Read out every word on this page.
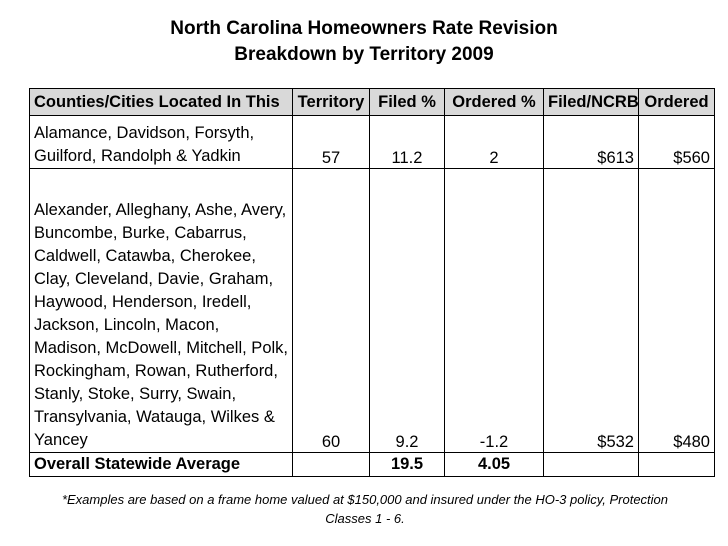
North Carolina Homeowners Rate Revision
Breakdown by Territory 2009
Counties/Cities Located In This	Territory	Filed %	Ordered %	Filed/NCRB	Ordered
Alamance, Davidson, Forsyth, Guilford, Randolph & Yadkin	57	11.2	2	$613	$560
Alexander, Alleghany, Ashe, Avery, Buncombe, Burke, Cabarrus, Caldwell, Catawba, Cherokee, Clay, Cleveland, Davie, Graham, Haywood, Henderson, Iredell, Jackson, Lincoln, Macon, Madison, McDowell, Mitchell, Polk, Rockingham, Rowan, Rutherford, Stanly, Stoke, Surry, Swain, Transylvania, Watauga, Wilkes & Yancey	60	9.2	-1.2	$532	$480
Overall Statewide Average		19.5	4.05		
*Examples are based on a frame home valued at $150,000 and insured under the HO-3 policy, Protection Classes 1 - 6.
